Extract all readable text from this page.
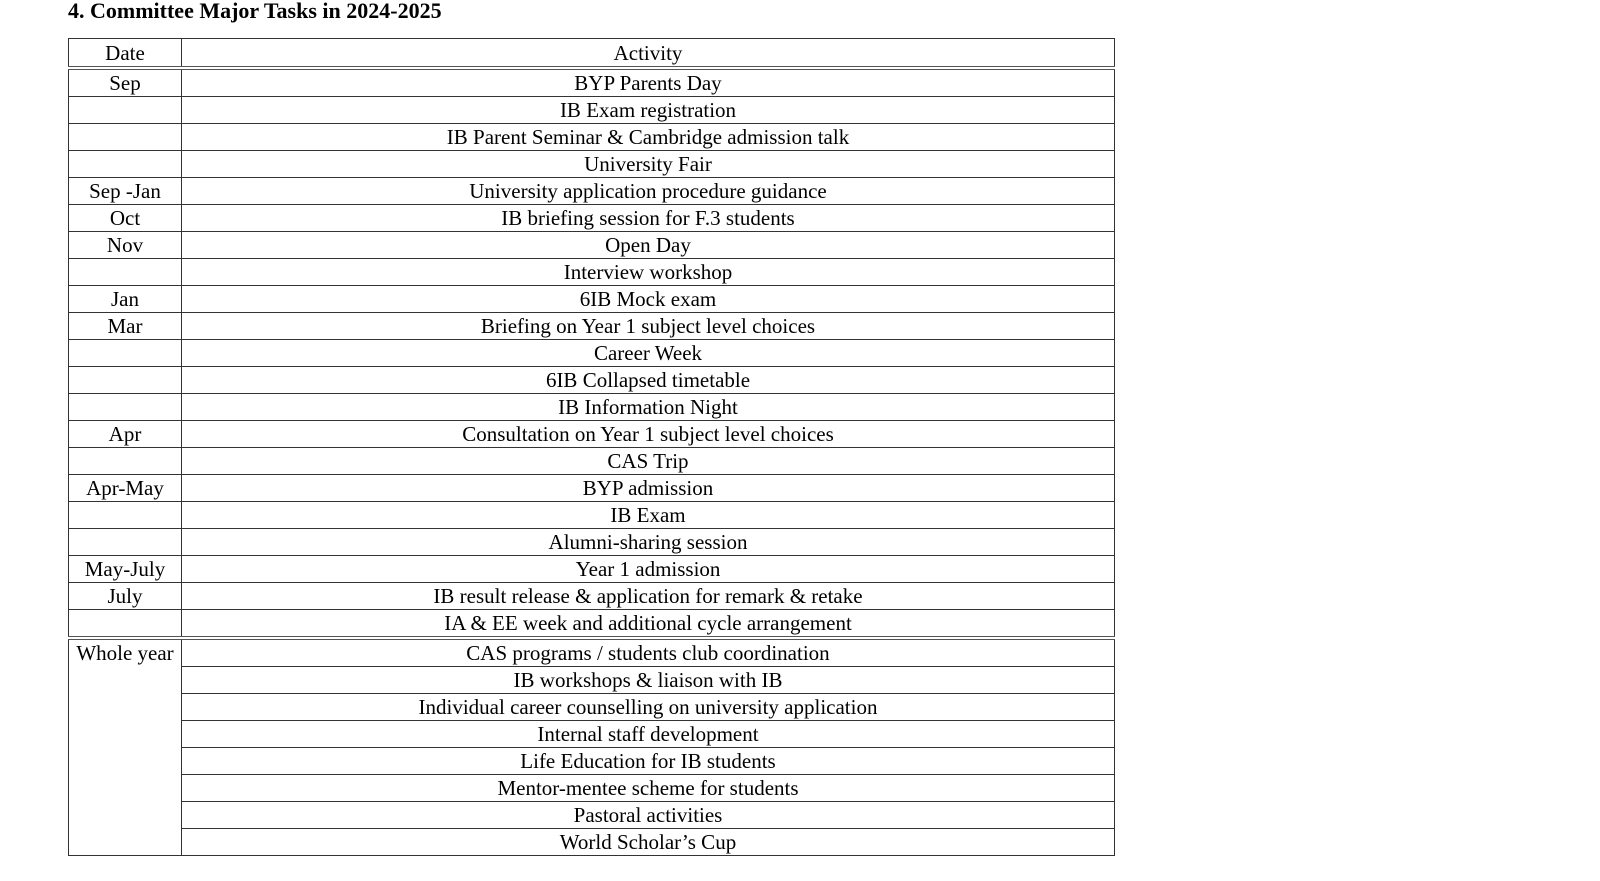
4. Committee Major Tasks in 2024-2025
Date	Activity
Sep	BYP Parents Day
	IB Exam registration
	IB Parent Seminar & Cambridge admission talk
	University Fair
Sep -Jan	University application procedure guidance
Oct	IB briefing session for F.3 students
Nov	Open Day
	Interview workshop
Jan	6IB Mock exam
Mar	Briefing on Year 1 subject level choices
	Career Week
	6IB Collapsed timetable
	IB Information Night
Apr	Consultation on Year 1 subject level choices
	CAS Trip
Apr-May	BYP admission
	IB Exam
	Alumni-sharing session
May-July	Year 1 admission
July	IB result release & application for remark & retake
	IA & EE week and additional cycle arrangement
Whole year	CAS programs / students club coordination
	IB workshops & liaison with IB
	Individual career counselling on university application
	Internal staff development
	Life Education for IB students
	Mentor-mentee scheme for students
	Pastoral activities
	World Scholar’s Cup
